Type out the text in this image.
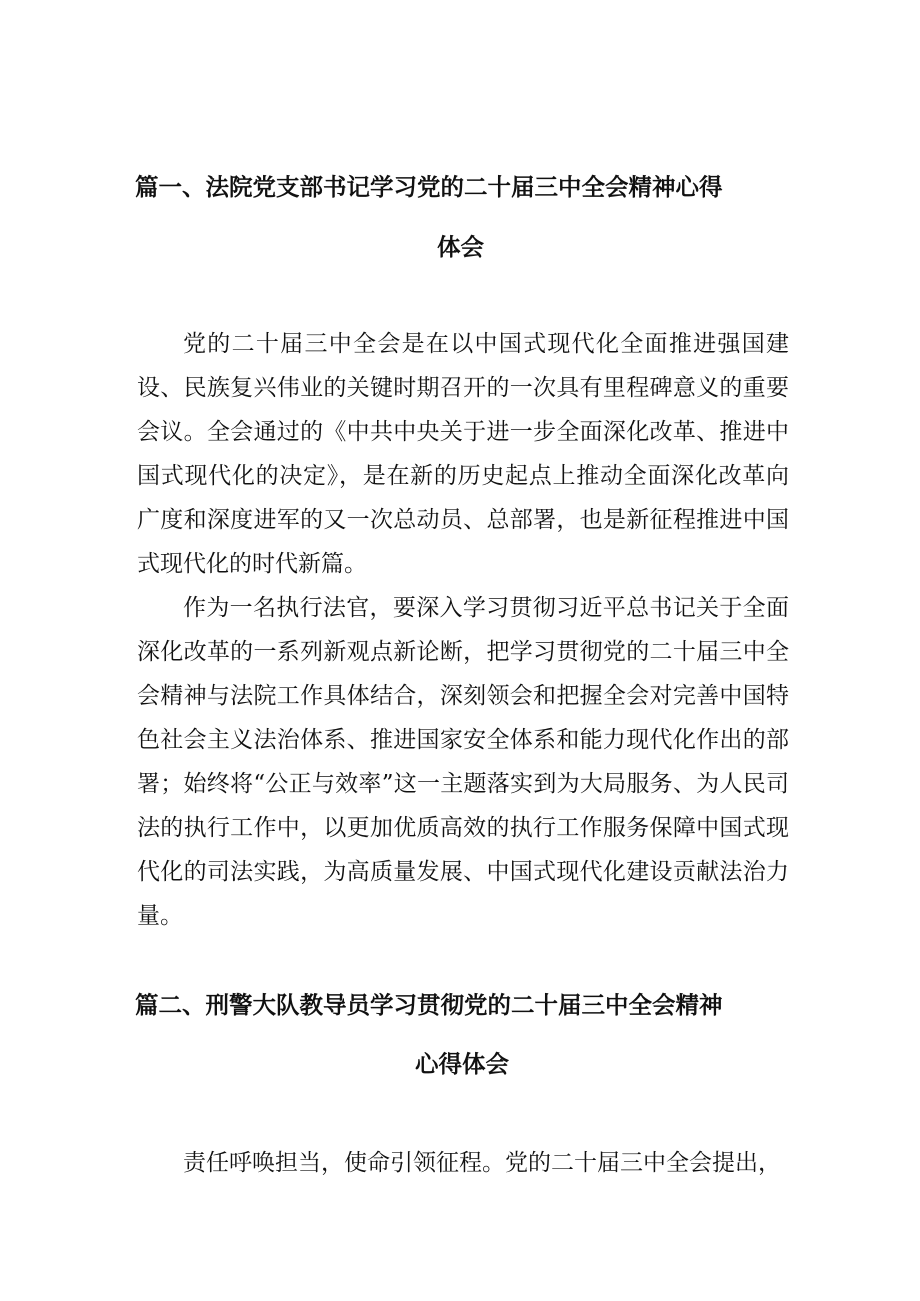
篇一、法院党支部书记学习党的二十届三中全会精神心得
体会

党的二十届三中全会是在以中国式现代化全面推进强国建设、民族复兴伟业的关键时期召开的一次具有里程碑意义的重要会议。全会通过的《中共中央关于进一步全面深化改革、推进中国式现代化的决定》，是在新的历史起点上推动全面深化改革向广度和深度进军的又一次总动员、总部署，也是新征程推进中国式现代化的时代新篇。

作为一名执行法官，要深入学习贯彻习近平总书记关于全面深化改革的一系列新观点新论断，把学习贯彻党的二十届三中全会精神与法院工作具体结合，深刻领会和把握全会对完善中国特色社会主义法治体系、推进国家安全体系和能力现代化作出的部署；始终将“公正与效率”这一主题落实到为大局服务、为人民司法的执行工作中，以更加优质高效的执行工作服务保障中国式现代化的司法实践，为高质量发展、中国式现代化建设贡献法治力量。

篇二、刑警大队教导员学习贯彻党的二十届三中全会精神
心得体会

责任呼唤担当，使命引领征程。党的二十届三中全会提出，
